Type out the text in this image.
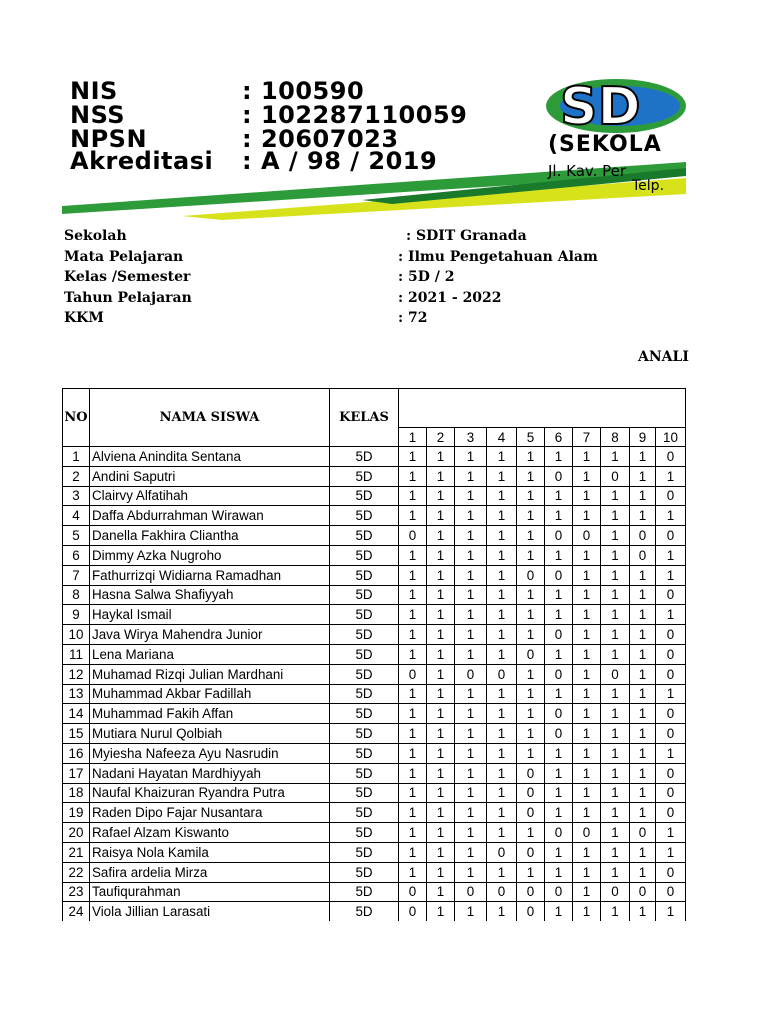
NIS	: 100590
NSS	: 102287110059
NPSN	: 20607023
Akreditasi	: A / 98 / 2019
SD
(SEKOLA
Jl. Kav. Per
Telp.
Sekolah	: SDIT Granada
Mata Pelajaran	: Ilmu Pengetahuan Alam
Kelas /Semester	: 5D / 2
Tahun Pelajaran	: 2021 - 2022
KKM	: 72
ANALI
NO	NAMA SISWA	KELAS										

			1	2	3	4	5	6	7	8	9	10
1	Alviena Anindita Sentana	5D	1	1	1	1	1	1	1	1	1	0
2	Andini Saputri	5D	1	1	1	1	1	0	1	0	1	1
3	Clairvy Alfatihah	5D	1	1	1	1	1	1	1	1	1	0
4	Daffa Abdurrahman Wirawan	5D	1	1	1	1	1	1	1	1	1	1
5	Danella Fakhira Cliantha	5D	0	1	1	1	1	0	0	1	0	0
6	Dimmy Azka Nugroho	5D	1	1	1	1	1	1	1	1	0	1
7	Fathurrizqi Widiarna Ramadhan	5D	1	1	1	1	0	0	1	1	1	1
8	Hasna Salwa Shafiyyah	5D	1	1	1	1	1	1	1	1	1	0
9	Haykal Ismail	5D	1	1	1	1	1	1	1	1	1	1
10	Java Wirya Mahendra Junior	5D	1	1	1	1	1	0	1	1	1	0
11	Lena Mariana	5D	1	1	1	1	0	1	1	1	1	0
12	Muhamad Rizqi Julian Mardhani	5D	0	1	0	0	1	0	1	0	1	0
13	Muhammad Akbar Fadillah	5D	1	1	1	1	1	1	1	1	1	1
14	Muhammad Fakih Affan	5D	1	1	1	1	1	0	1	1	1	0
15	Mutiara Nurul Qolbiah	5D	1	1	1	1	1	0	1	1	1	0
16	Myiesha Nafeeza Ayu Nasrudin	5D	1	1	1	1	1	1	1	1	1	1
17	Nadani Hayatan Mardhiyyah	5D	1	1	1	1	0	1	1	1	1	0
18	Naufal Khaizuran Ryandra Putra	5D	1	1	1	1	0	1	1	1	1	0
19	Raden Dipo Fajar Nusantara	5D	1	1	1	1	0	1	1	1	1	0
20	Rafael Alzam Kiswanto	5D	1	1	1	1	1	0	0	1	0	1
21	Raisya Nola Kamila	5D	1	1	1	0	0	1	1	1	1	1
22	Safira ardelia Mirza	5D	1	1	1	1	1	1	1	1	1	0
23	Taufiqurahman	5D	0	1	0	0	0	0	1	0	0	0
24	Viola Jillian Larasati	5D	0	1	1	1	0	1	1	1	1	1
